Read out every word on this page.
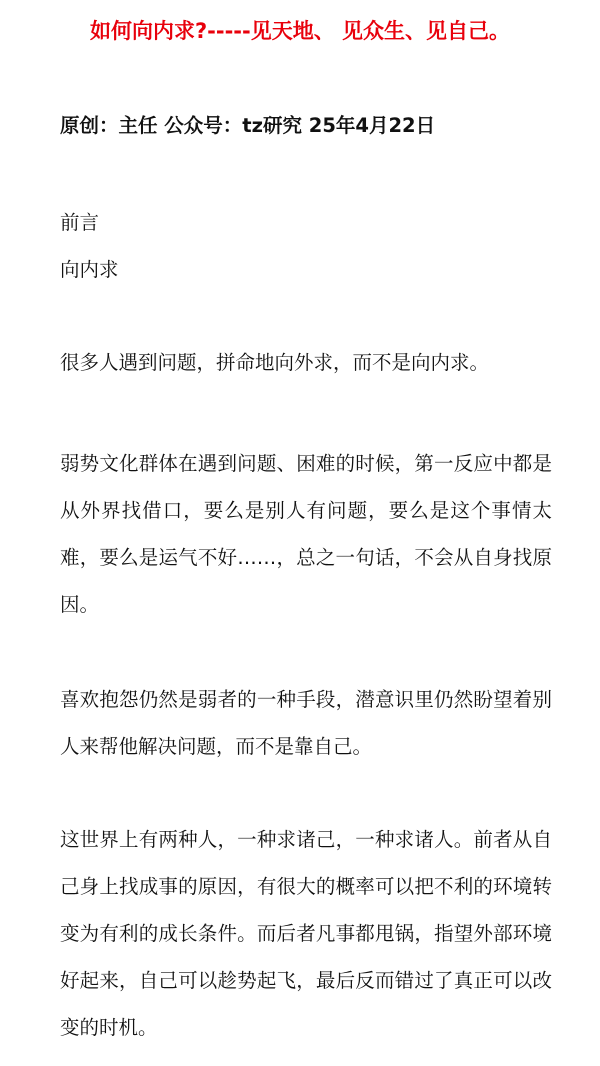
如何向内求?-----见天地、 见众生、见自己。
原创：主任 公众号：tz研究 25年4月22日
前言
向内求
很多人遇到问题，拼命地向外求，而不是向内求。
弱势文化群体在遇到问题、困难的时候，第一反应中都是从外界找借口，要么是别人有问题，要么是这个事情太难，要么是运气不好……，总之一句话，不会从自身找原因。
喜欢抱怨仍然是弱者的一种手段，潜意识里仍然盼望着别人来帮他解决问题，而不是靠自己。
这世界上有两种人，一种求诸己，一种求诸人。前者从自己身上找成事的原因，有很大的概率可以把不利的环境转变为有利的成长条件。而后者凡事都甩锅，指望外部环境好起来，自己可以趁势起飞，最后反而错过了真正可以改变的时机。
